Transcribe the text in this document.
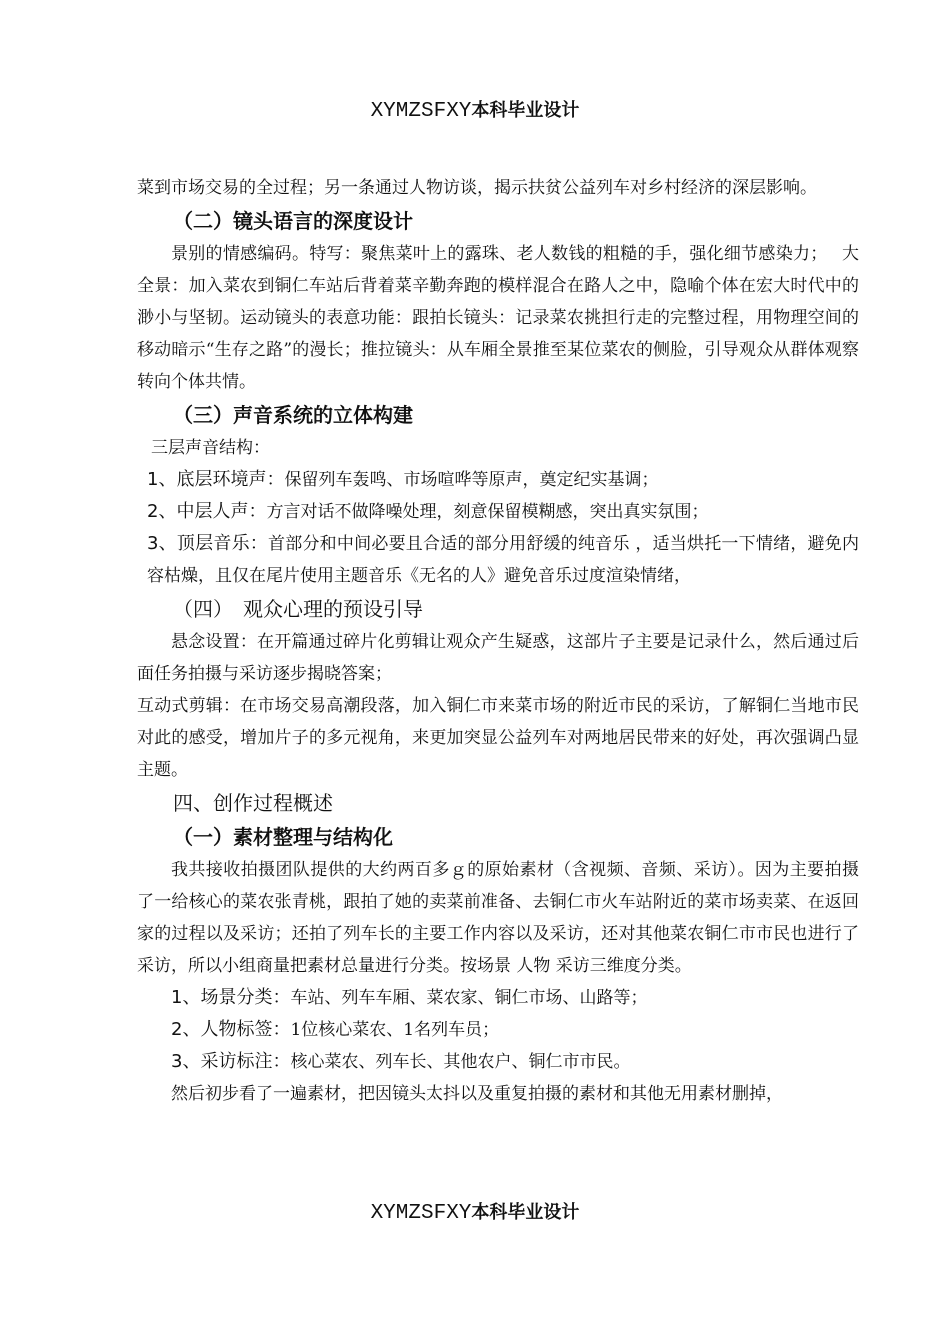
XYMZSFXY本科毕业设计

菜到市场交易的全过程；另一条通过人物访谈，揭示扶贫公益列车对乡村经济的深层影响。

（二）镜头语言的深度设计

景别的情感编码。特写：聚焦菜叶上的露珠、老人数钱的粗糙的手，强化细节感染力；　 大全景：加入菜农到铜仁车站后背着菜辛勤奔跑的模样混合在路人之中，隐喻个体在宏大时代中的渺小与坚韧。运动镜头的表意功能：跟拍长镜头：记录菜农挑担行走的完整过程，用物理空间的移动暗示“生存之路”的漫长；推拉镜头：从车厢全景推至某位菜农的侧脸，引导观众从群体观察转向个体共情。

（三）声音系统的立体构建

三层声音结构：

1、底层环境声：保留列车轰鸣、市场喧哗等原声，奠定纪实基调；

2、中层人声：方言对话不做降噪处理，刻意保留模糊感，突出真实氛围；

3、顶层音乐：首部分和中间必要且合适的部分用舒缓的纯音乐 ，适当烘托一下情绪，避免内容枯燥，且仅在尾片使用主题音乐《无名的人》避免音乐过度渲染情绪，

（四）　观众心理的预设引导

悬念设置：在开篇通过碎片化剪辑让观众产生疑惑，这部片子主要是记录什么，然后通过后面任务拍摄与采访逐步揭晓答案；

互动式剪辑：在市场交易高潮段落，加入铜仁市来菜市场的附近市民的采访，了解铜仁当地市民对此的感受，增加片子的多元视角，来更加突显公益列车对两地居民带来的好处，再次强调凸显主题。

四、创作过程概述
（一）素材整理与结构化

我共接收拍摄团队提供的大约两百多ｇ的原始素材（含视频、音频、采访）。因为主要拍摄了一给核心的菜农张青桃，跟拍了她的卖菜前准备、去铜仁市火车站附近的菜市场卖菜、在返回家的过程以及采访；还拍了列车长的主要工作内容以及采访，还对其他菜农铜仁市市民也进行了采访，所以小组商量把素材总量进行分类。按场景 人物 采访三维度分类。

1、场景分类：车站、列车车厢、菜农家、铜仁市场、山路等；

2、人物标签：1位核心菜农、1名列车员；

3、采访标注：核心菜农、列车长、其他农户、铜仁市市民。

然后初步看了一遍素材，把因镜头太抖以及重复拍摄的素材和其他无用素材删掉，

XYMZSFXY本科毕业设计
